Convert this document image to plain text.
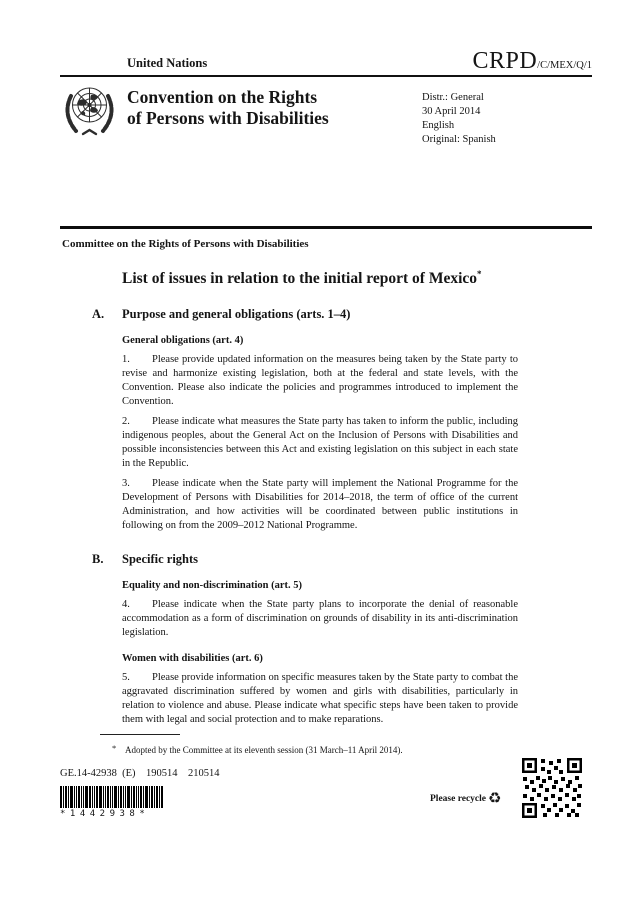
United Nations	CRPD/C/MEX/Q/1
Convention on the Rights
of Persons with Disabilities
Distr.: General
30 April 2014
English
Original: Spanish
Committee on the Rights of Persons with Disabilities
List of issues in relation to the initial report of Mexico*
A.	Purpose and general obligations (arts. 1–4)
General obligations (art. 4)
1. Please provide updated information on the measures being taken by the State party to revise and harmonize existing legislation, both at the federal and state levels, with the Convention. Please also indicate the policies and programmes introduced to implement the Convention.
2. Please indicate what measures the State party has taken to inform the public, including indigenous peoples, about the General Act on the Inclusion of Persons with Disabilities and possible inconsistencies between this Act and existing legislation on this subject in each state in the Republic.
3. Please indicate when the State party will implement the National Programme for the Development of Persons with Disabilities for 2014–2018, the term of office of the current Administration, and how activities will be coordinated between public institutions in following on from the 2009–2012 National Programme.
B.	Specific rights
Equality and non-discrimination (art. 5)
4. Please indicate when the State party plans to incorporate the denial of reasonable accommodation as a form of discrimination on grounds of disability in its anti-discrimination legislation.
Women with disabilities (art. 6)
5. Please provide information on specific measures taken by the State party to combat the aggravated discrimination suffered by women and girls with disabilities, particularly in relation to violence and abuse. Please indicate what specific steps have been taken to provide them with legal and social protection and to make reparations.
* Adopted by the Committee at its eleventh session (31 March–11 April 2014).
GE.14-42938  (E)    190514    210514
*1442938*
Please recycle ♻
